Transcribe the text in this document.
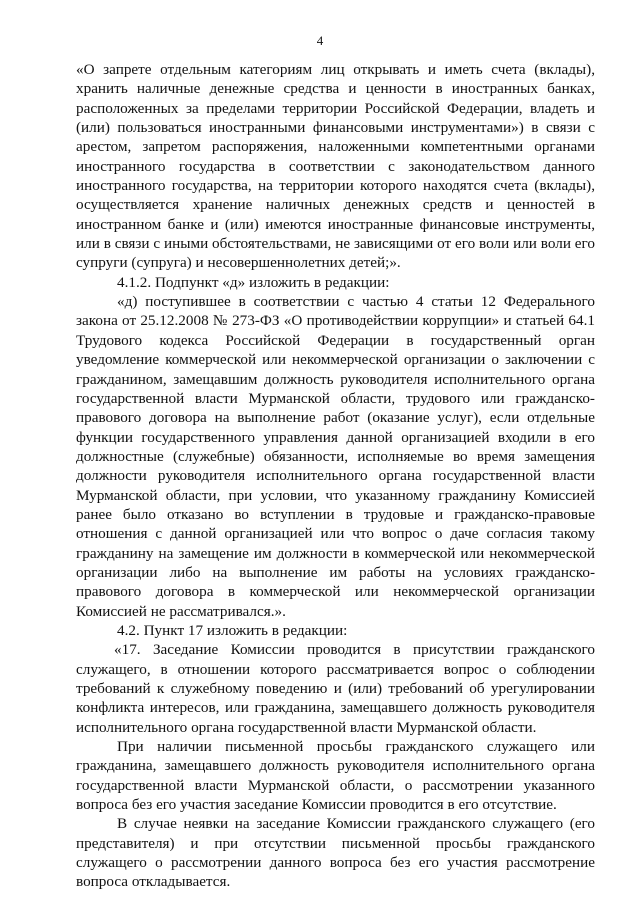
4

«О запрете отдельным категориям лиц открывать и иметь счета (вклады), хранить наличные денежные средства и ценности в иностранных банках, расположенных за пределами территории Российской Федерации, владеть и (или) пользоваться иностранными финансовыми инструментами») в связи с арестом, запретом распоряжения, наложенными компетентными органами иностранного государства в соответствии с законодательством данного иностранного государства, на территории которого находятся счета (вклады), осуществляется хранение наличных денежных средств и ценностей в иностранном банке и (или) имеются иностранные финансовые инструменты, или в связи с иными обстоятельствами, не зависящими от его воли или воли его супруги (супруга) и несовершеннолетних детей;».

4.1.2. Подпункт «д» изложить в редакции:

«д) поступившее в соответствии с частью 4 статьи 12 Федерального закона от 25.12.2008 № 273-ФЗ «О противодействии коррупции» и статьей 64.1 Трудового кодекса Российской Федерации в государственный орган уведомление коммерческой или некоммерческой организации о заключении с гражданином, замещавшим должность руководителя исполнительного органа государственной власти Мурманской области, трудового или гражданско-правового договора на выполнение работ (оказание услуг), если отдельные функции государственного управления данной организацией входили в его должностные (служебные) обязанности, исполняемые во время замещения должности руководителя исполнительного органа государственной власти Мурманской области, при условии, что указанному гражданину Комиссией ранее было отказано во вступлении в трудовые и гражданско-правовые отношения с данной организацией или что вопрос о даче согласия такому гражданину на замещение им должности в коммерческой или некоммерческой организации либо на выполнение им работы на условиях гражданско-правового договора в коммерческой или некоммерческой организации Комиссией не рассматривался.».

4.2. Пункт 17 изложить в редакции:

«17. Заседание Комиссии проводится в присутствии гражданского служащего, в отношении которого рассматривается вопрос о соблюдении требований к служебному поведению и (или) требований об урегулировании конфликта интересов, или гражданина, замещавшего должность руководителя исполнительного органа государственной власти Мурманской области.

При наличии письменной просьбы гражданского служащего или гражданина, замещавшего должность руководителя исполнительного органа государственной власти Мурманской области, о рассмотрении указанного вопроса без его участия заседание Комиссии проводится в его отсутствие.

В случае неявки на заседание Комиссии гражданского служащего (его представителя) и при отсутствии письменной просьбы гражданского служащего о рассмотрении данного вопроса без его участия рассмотрение вопроса откладывается.
